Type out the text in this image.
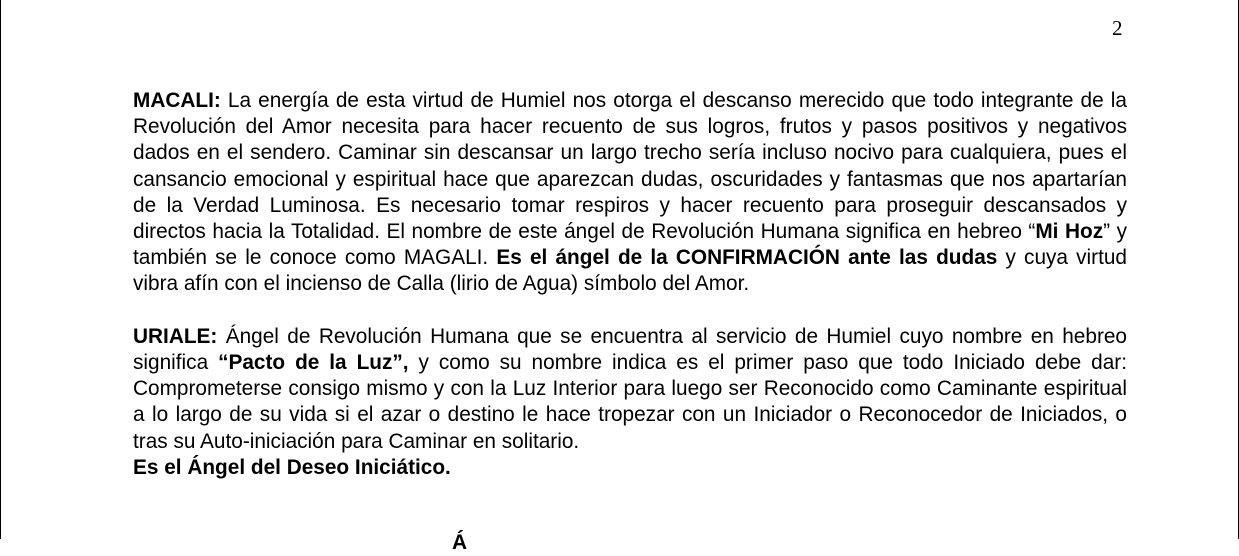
2

MACALI: La energía de esta virtud de Humiel nos otorga el descanso merecido que todo integrante de la Revolución del Amor necesita para hacer recuento de sus logros, frutos y pasos positivos y negativos dados en el sendero. Caminar sin descansar un largo trecho sería incluso nocivo para cualquiera, pues el cansancio emocional y espiritual hace que aparezcan dudas, oscuridades y fantasmas que nos apartarían de la Verdad Luminosa. Es necesario tomar respiros y hacer recuento para proseguir descansados y directos hacia la Totalidad. El nombre de este ángel de Revolución Humana significa en hebreo “Mi Hoz” y también se le conoce como MAGALI. Es el ángel de la CONFIRMACIÓN ante las dudas y cuya virtud vibra afín con el incienso de Calla (lirio de Agua) símbolo del Amor.

URIALE: Ángel de Revolución Humana que se encuentra al servicio de Humiel cuyo nombre en hebreo significa “Pacto de la Luz”, y como su nombre indica es el primer paso que todo Iniciado debe dar: Comprometerse consigo mismo y con la Luz Interior para luego ser Reconocido como Caminante espiritual a lo largo de su vida si el azar o destino le hace tropezar con un Iniciador o Reconocedor de Iniciados, o tras su Auto-iniciación para Caminar en solitario.

Es el Ángel del Deseo Iniciático.

Á
